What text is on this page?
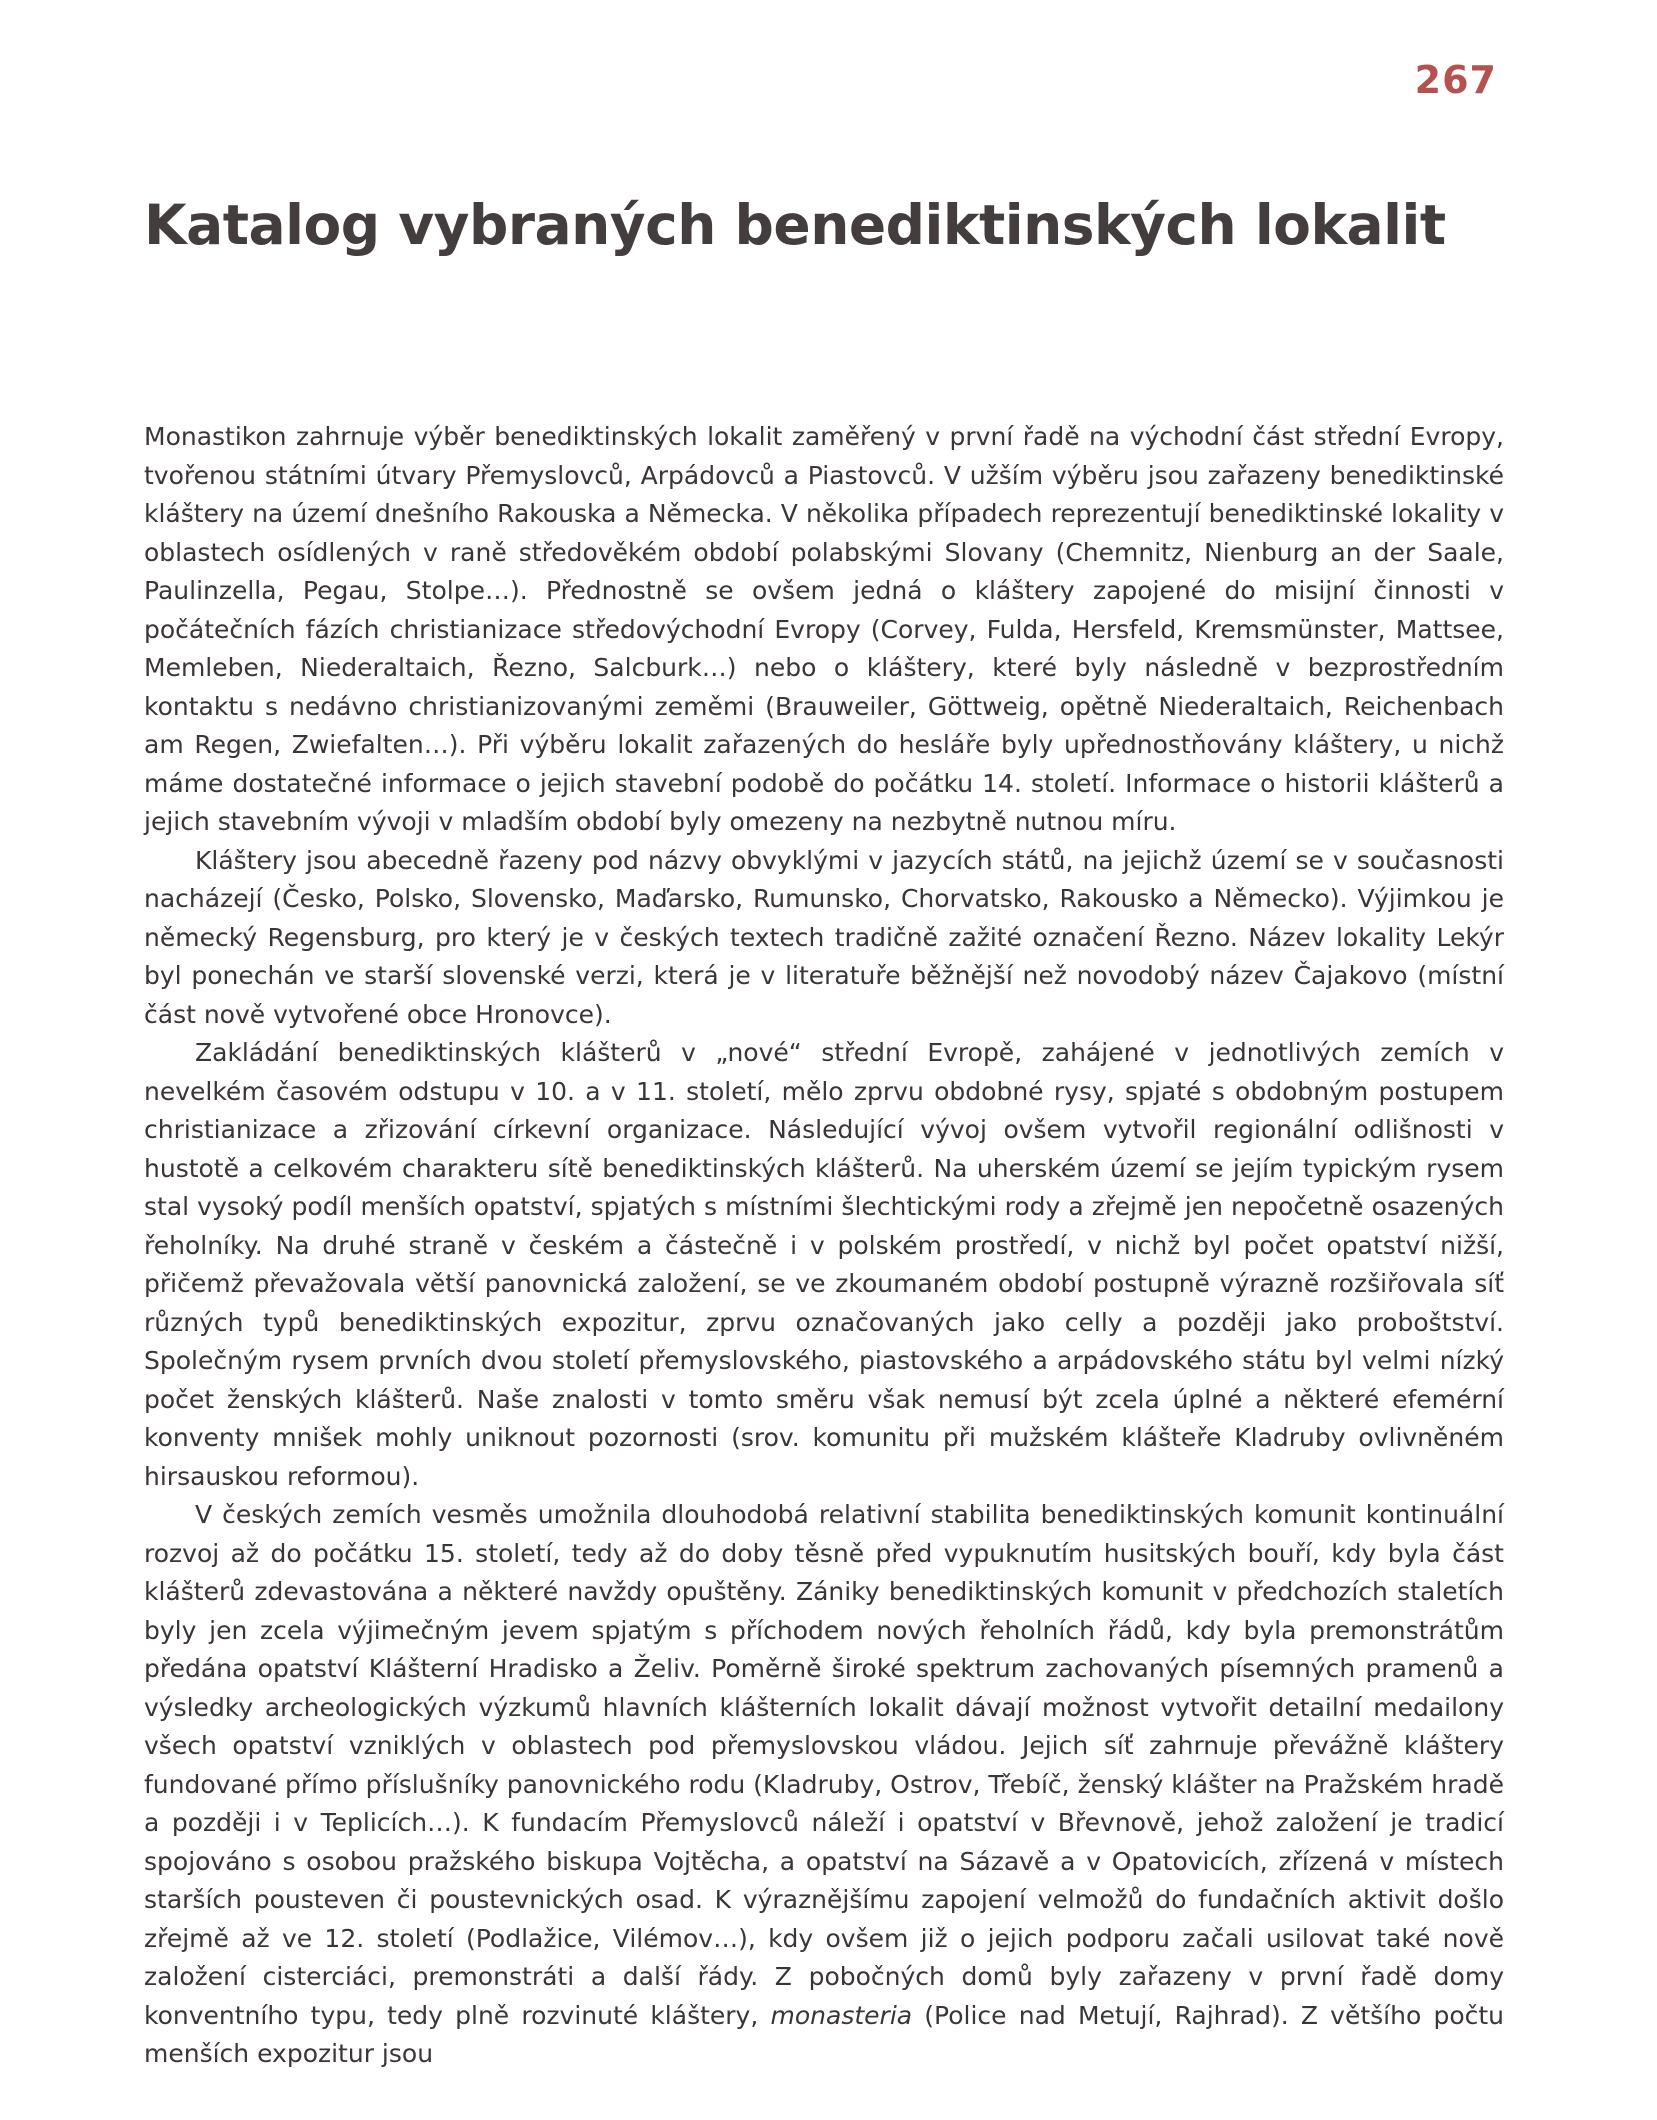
267
Katalog vybraných benediktinských lokalit

Monastikon zahrnuje výběr benediktinských lokalit zaměřený v první řadě na východní část střední Evropy, tvořenou státními útvary Přemyslovců, Arpádovců a Piastovců. V užším výběru jsou zařazeny benediktinské kláštery na území dnešního Rakouska a Německa. V několika případech reprezentují benediktinské lokality v oblastech osídlených v raně středověkém období polabskými Slovany (Chemnitz, Nienburg an der Saale, Paulinzella, Pegau, Stolpe…). Přednostně se ovšem jedná o kláštery zapojené do misijní činnosti v počátečních fázích christianizace středovýchodní Evropy (Corvey, Fulda, Hersfeld, Kremsmünster, Mattsee, Memleben, Niederaltaich, Řezno, Salcburk…) nebo o kláštery, které byly následně v bezprostředním kontaktu s nedávno christianizovanými zeměmi (Brauweiler, Göttweig, opětně Niederaltaich, Reichenbach am Regen, Zwiefalten…). Při výběru lokalit zařazených do hesláře byly upřednostňovány kláštery, u nichž máme dostatečné informace o jejich stavební podobě do počátku 14. století. Informace o historii klášterů a jejich stavebním vývoji v mladším období byly omezeny na nezbytně nutnou míru.

Kláštery jsou abecedně řazeny pod názvy obvyklými v jazycích států, na jejichž území se v současnosti nacházejí (Česko, Polsko, Slovensko, Maďarsko, Rumunsko, Chorvatsko, Rakousko a Německo). Výjimkou je německý Regensburg, pro který je v českých textech tradičně zažité označení Řezno. Název lokality Lekýr byl ponechán ve starší slovenské verzi, která je v literatuře běžnější než novodobý název Čajakovo (místní část nově vytvořené obce Hronovce).

Zakládání benediktinských klášterů v „nové“ střední Evropě, zahájené v jednotlivých zemích v nevelkém časovém odstupu v 10. a v 11. století, mělo zprvu obdobné rysy, spjaté s obdobným postupem christianizace a zřizování církevní organizace. Následující vývoj ovšem vytvořil regionální odlišnosti v hustotě a celkovém charakteru sítě benediktinských klášterů. Na uherském území se jejím typickým rysem stal vysoký podíl menších opatství, spjatých s místními šlechtickými rody a zřejmě jen nepočetně osazených řeholníky. Na druhé straně v českém a částečně i v polském prostředí, v nichž byl počet opatství nižší, přičemž převažovala větší panovnická založení, se ve zkoumaném období postupně výrazně rozšiřovala síť různých typů benediktinských expozitur, zprvu označovaných jako celly a později jako proboštství. Společným rysem prvních dvou století přemyslovského, piastovského a arpádovského státu byl velmi nízký počet ženských klášterů. Naše znalosti v tomto směru však nemusí být zcela úplné a některé efemérní konventy mnišek mohly uniknout pozornosti (srov. komunitu při mužském klášteře Kladruby ovlivněném hirsauskou reformou).

V českých zemích vesměs umožnila dlouhodobá relativní stabilita benediktinských komunit kontinuální rozvoj až do počátku 15. století, tedy až do doby těsně před vypuknutím husitských bouří, kdy byla část klášterů zdevastována a některé navždy opuštěny. Zániky benediktinských komunit v předchozích staletích byly jen zcela výjimečným jevem spjatým s příchodem nových řeholních řádů, kdy byla premonstrátům předána opatství Klášterní Hradisko a Želiv. Poměrně široké spektrum zachovaných písemných pramenů a výsledky archeologických výzkumů hlavních klášterních lokalit dávají možnost vytvořit detailní medailony všech opatství vzniklých v oblastech pod přemyslovskou vládou. Jejich síť zahrnuje převážně kláštery fundované přímo příslušníky panovnického rodu (Kladruby, Ostrov, Třebíč, ženský klášter na Pražském hradě a později i v Teplicích…). K fundacím Přemyslovců náleží i opatství v Břevnově, jehož založení je tradicí spojováno s osobou pražského biskupa Vojtěcha, a opatství na Sázavě a v Opatovicích, zřízená v místech starších pousteven či poustevnických osad. K výraznějšímu zapojení velmožů do fundačních aktivit došlo zřejmě až ve 12. století (Podlažice, Vilémov…), kdy ovšem již o jejich podporu začali usilovat také nově založení cisterciáci, premonstráti a další řády. Z pobočných domů byly zařazeny v první řadě domy konventního typu, tedy plně rozvinuté kláštery, monasteria (Police nad Metují, Rajhrad). Z většího počtu menších expozitur jsou
